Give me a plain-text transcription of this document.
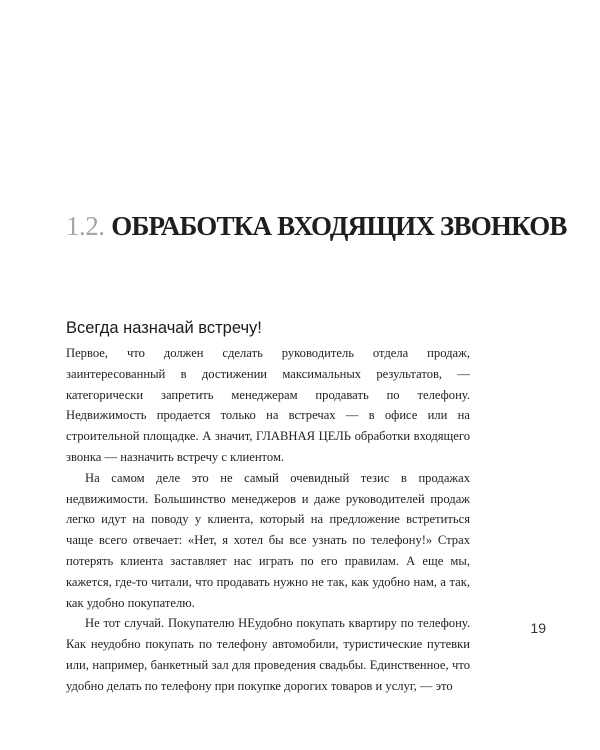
1.2. ОБРАБОТКА ВХОДЯЩИХ ЗВОНКОВ
Всегда назначай встречу!

Первое, что должен сделать руководитель отдела продаж, заинтересованный в достижении максимальных результатов, — категорически запретить менеджерам продавать по телефону. Недвижимость продается только на встречах — в офисе или на строительной площадке. А значит, ГЛАВНАЯ ЦЕЛЬ обработки входящего звонка — назначить встречу с клиентом.

На самом деле это не самый очевидный тезис в продажах недвижимости. Большинство менеджеров и даже руководителей продаж легко идут на поводу у клиента, который на предложение встретиться чаще всего отвечает: «Нет, я хотел бы все узнать по телефону!» Страх потерять клиента заставляет нас играть по его правилам. А еще мы, кажется, где-то читали, что продавать нужно не так, как удобно нам, а так, как удобно покупателю.

Не тот случай. Покупателю НЕудобно покупать квартиру по телефону. Как неудобно покупать по телефону автомобили, туристические путевки или, например, банкетный зал для проведения свадьбы. Единственное, что удобно делать по телефону при покупке дорогих товаров и услуг, — это

19
